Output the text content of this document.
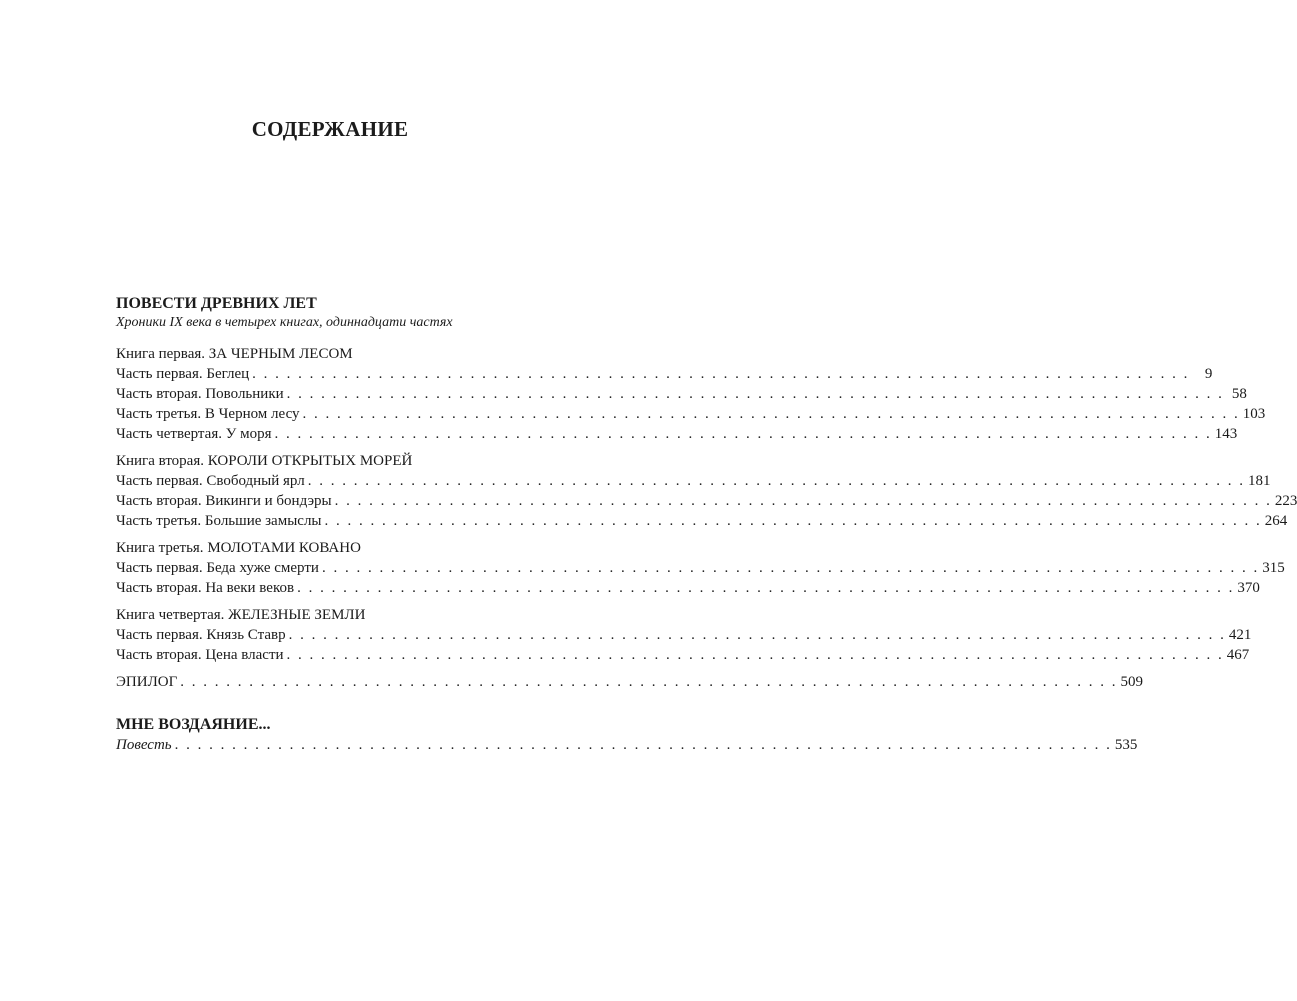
СОДЕРЖАНИЕ
ПОВЕСТИ ДРЕВНИХ ЛЕТ
Хроники IX века в четырех книгах, одиннадцати частях
Книга первая. ЗА ЧЕРНЫМ ЛЕСОМ
Часть первая. Беглец . . . . . . . . . . . . . . . . . . . . . . . . . . . . . . . . . . . . . . . . . . . . . . . . . . . . . . . . . . . . . . . . . . . . . . . . . . . . . . . . . .	9
Часть вторая. Повольники . . . . . . . . . . . . . . . . . . . . . . . . . . . . . . . . . . . . . . . . . . . . . . . . . . . . . . . . . . . . . . . . . . . . . . . . . . . . . . . . . . 58
Часть третья. В Черном лесу . . . . . . . . . . . . . . . . . . . . . . . . . . . . . . . . . . . . . . . . . . . . . . . . . . . . . . . . . . . . . . . . . . . . . . . . . . . . . . . . . . 103
Часть четвертая. У моря . . . . . . . . . . . . . . . . . . . . . . . . . . . . . . . . . . . . . . . . . . . . . . . . . . . . . . . . . . . . . . . . . . . . . . . . . . . . . . . . . . 143
Книга вторая. КОРОЛИ ОТКРЫТЫХ МОРЕЙ
Часть первая. Свободный ярл . . . . . . . . . . . . . . . . . . . . . . . . . . . . . . . . . . . . . . . . . . . . . . . . . . . . . . . . . . . . . . . . . . . . . . . . . . . . . . . . . . 181
Часть вторая. Викинги и бондэры . . . . . . . . . . . . . . . . . . . . . . . . . . . . . . . . . . . . . . . . . . . . . . . . . . . . . . . . . . . . . . . . . . . . . . . . . . . . . . . . . . 223
Часть третья. Большие замыслы . . . . . . . . . . . . . . . . . . . . . . . . . . . . . . . . . . . . . . . . . . . . . . . . . . . . . . . . . . . . . . . . . . . . . . . . . . . . . . . . . . 264
Книга третья. МОЛОТАМИ КОВАНО
Часть первая. Беда хуже смерти . . . . . . . . . . . . . . . . . . . . . . . . . . . . . . . . . . . . . . . . . . . . . . . . . . . . . . . . . . . . . . . . . . . . . . . . . . . . . . . . . . 315
Часть вторая. На веки веков . . . . . . . . . . . . . . . . . . . . . . . . . . . . . . . . . . . . . . . . . . . . . . . . . . . . . . . . . . . . . . . . . . . . . . . . . . . . . . . . . . 370
Книга четвертая. ЖЕЛЕЗНЫЕ ЗЕМЛИ
Часть первая. Князь Ставр . . . . . . . . . . . . . . . . . . . . . . . . . . . . . . . . . . . . . . . . . . . . . . . . . . . . . . . . . . . . . . . . . . . . . . . . . . . . . . . . . . 421
Часть вторая. Цена власти . . . . . . . . . . . . . . . . . . . . . . . . . . . . . . . . . . . . . . . . . . . . . . . . . . . . . . . . . . . . . . . . . . . . . . . . . . . . . . . . . . 467
ЭПИЛОГ . . . . . . . . . . . . . . . . . . . . . . . . . . . . . . . . . . . . . . . . . . . . . . . . . . . . . . . . . . . . . . . . . . . . . . . . . . . . . . . . . . 509
МНЕ ВОЗДАЯНИЕ...
Повесть . . . . . . . . . . . . . . . . . . . . . . . . . . . . . . . . . . . . . . . . . . . . . . . . . . . . . . . . . . . . . . . . . . . . . . . . . . . . . . . . . . 535
